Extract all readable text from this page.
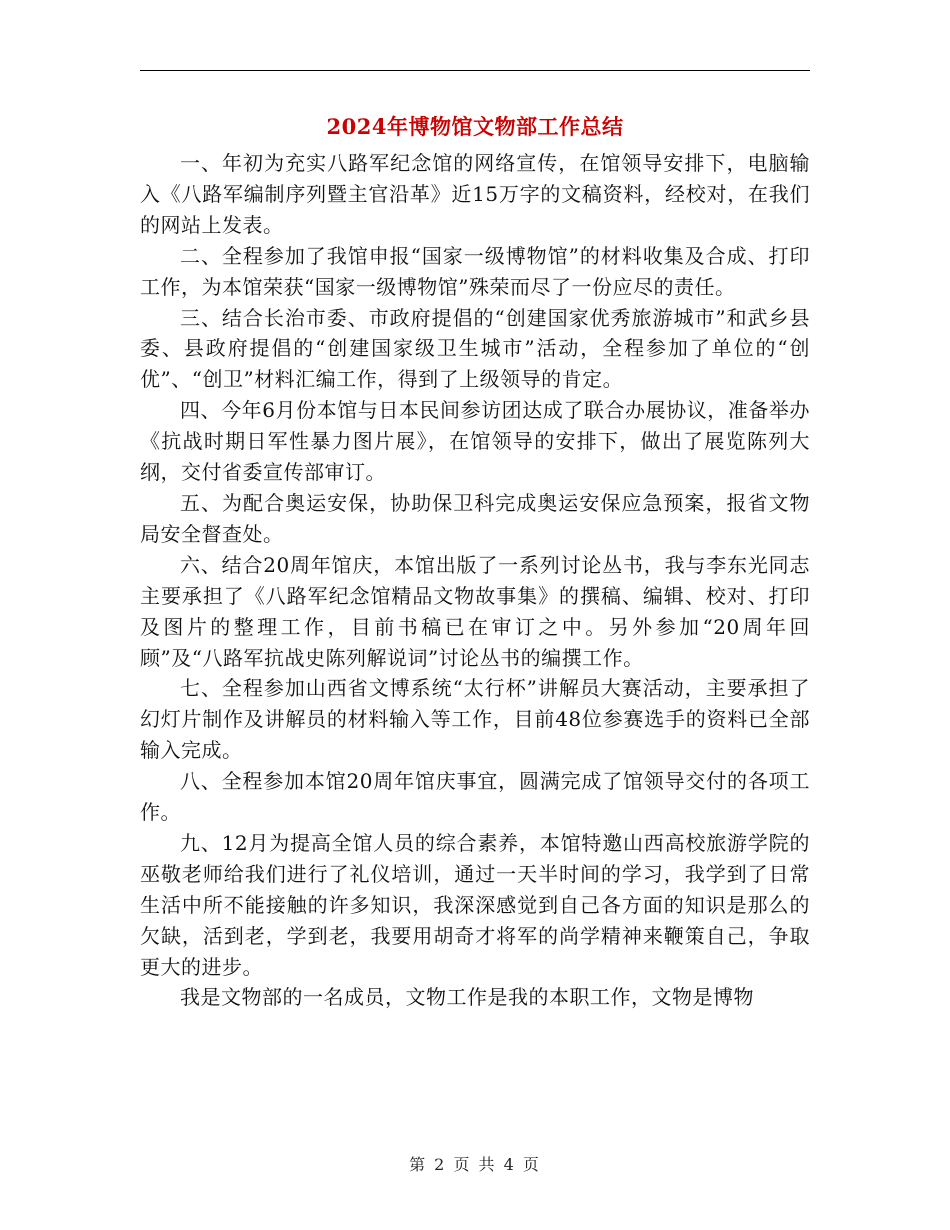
2024年博物馆文物部工作总结

一、年初为充实八路军纪念馆的网络宣传，在馆领导安排下，电脑输入《八路军编制序列暨主官沿革》近15万字的文稿资料，经校对，在我们的网站上发表。

二、全程参加了我馆申报“国家一级博物馆”的材料收集及合成、打印工作，为本馆荣获“国家一级博物馆”殊荣而尽了一份应尽的责任。

三、结合长治市委、市政府提倡的“创建国家优秀旅游城市”和武乡县委、县政府提倡的“创建国家级卫生城市”活动，全程参加了单位的“创优”、“创卫”材料汇编工作，得到了上级领导的肯定。

四、今年6月份本馆与日本民间参访团达成了联合办展协议，准备举办《抗战时期日军性暴力图片展》，在馆领导的安排下，做出了展览陈列大纲，交付省委宣传部审订。

五、为配合奥运安保，协助保卫科完成奥运安保应急预案，报省文物局安全督查处。

六、结合20周年馆庆，本馆出版了一系列讨论丛书，我与李东光同志主要承担了《八路军纪念馆精品文物故事集》的撰稿、编辑、校对、打印及图片的整理工作，目前书稿已在审订之中。另外参加“20周年回顾”及“八路军抗战史陈列解说词”讨论丛书的编撰工作。

七、全程参加山西省文博系统“太行杯”讲解员大赛活动，主要承担了幻灯片制作及讲解员的材料输入等工作，目前48位参赛选手的资料已全部输入完成。

八、全程参加本馆20周年馆庆事宜，圆满完成了馆领导交付的各项工作。

九、12月为提高全馆人员的综合素养，本馆特邀山西高校旅游学院的巫敬老师给我们进行了礼仪培训，通过一天半时间的学习，我学到了日常生活中所不能接触的许多知识，我深深感觉到自己各方面的知识是那么的欠缺，活到老，学到老，我要用胡奇才将军的尚学精神来鞭策自己，争取更大的进步。

我是文物部的一名成员，文物工作是我的本职工作，文物是博物

第 2 页 共 4 页
